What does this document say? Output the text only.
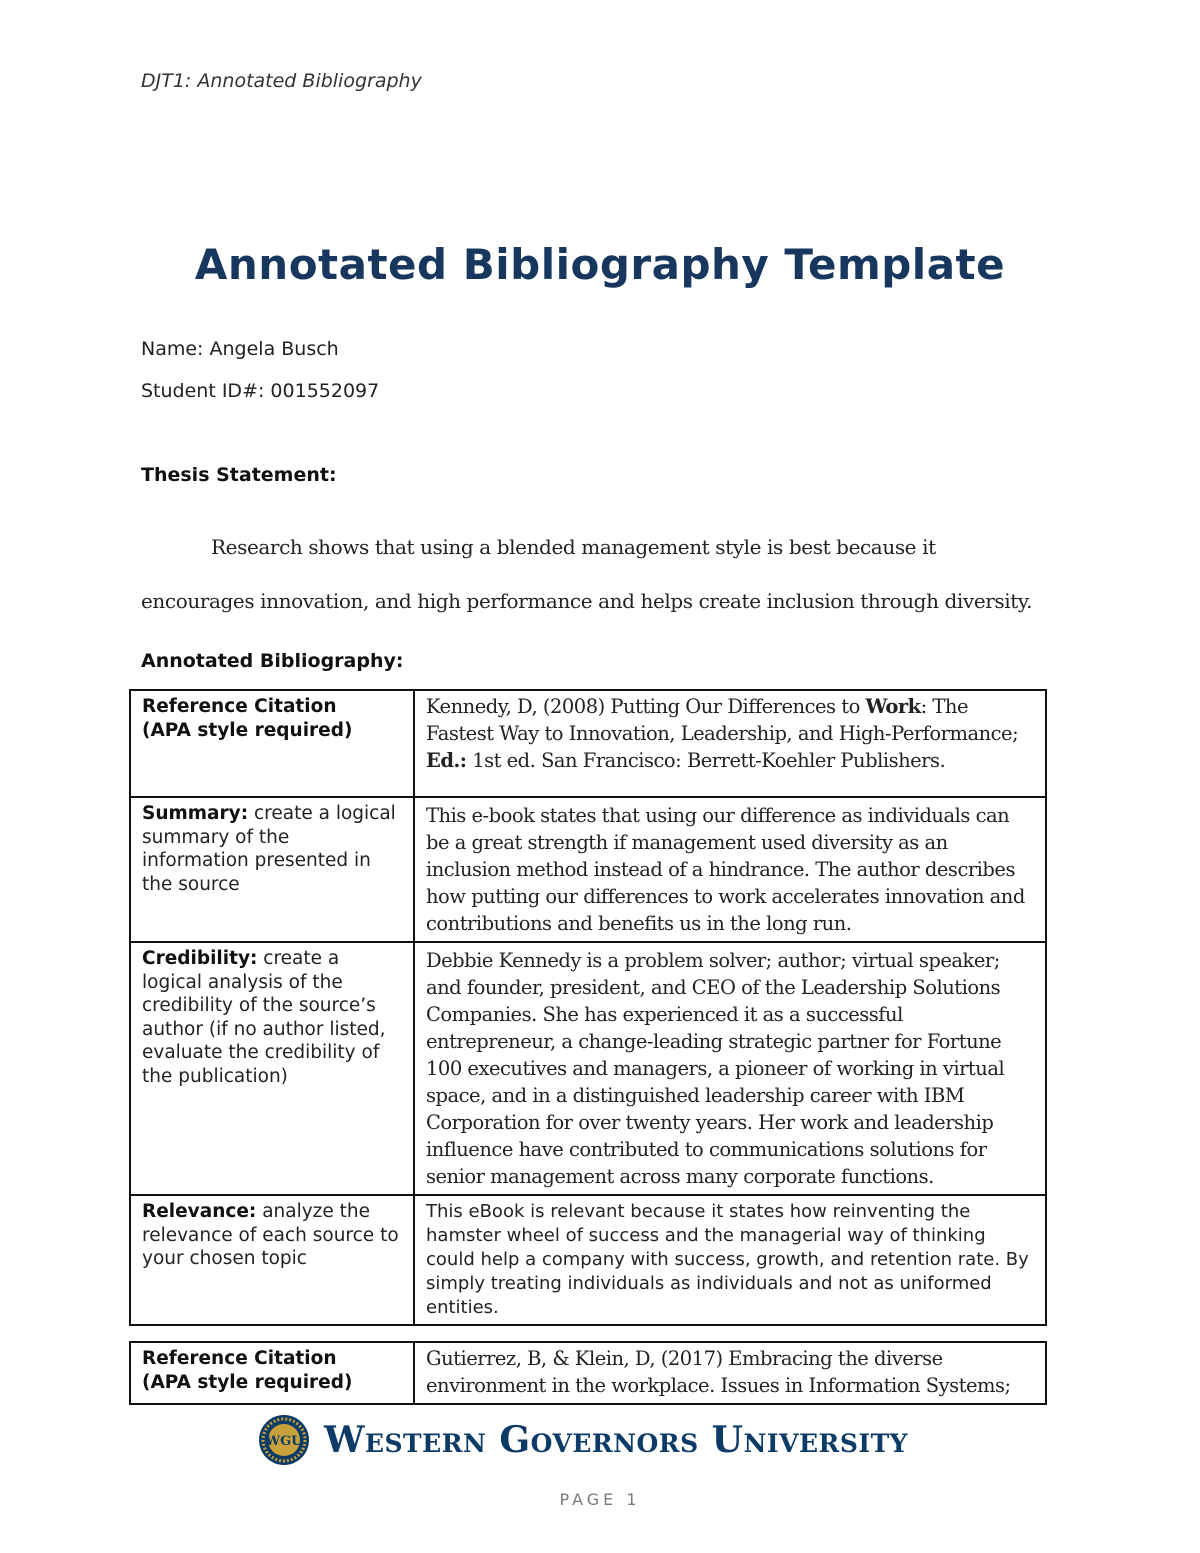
DJT1: Annotated Bibliography
Annotated Bibliography Template
Name: Angela Busch
Student ID#: 001552097
Thesis Statement:
Research shows that using a blended management style is best because it encourages innovation, and high performance and helps create inclusion through diversity.
Annotated Bibliography:
Reference Citation
(APA style required)	Kennedy, D, (2008) Putting Our Differences to Work: The Fastest Way to Innovation, Leadership, and High-Performance; Ed.: 1st ed. San Francisco: Berrett-Koehler Publishers.
Summary: create a logical summary of the information presented in the source	This e-book states that using our difference as individuals can be a great strength if management used diversity as an inclusion method instead of a hindrance. The author describes how putting our differences to work accelerates innovation and contributions and benefits us in the long run.
Credibility: create a logical analysis of the credibility of the source’s author (if no author listed, evaluate the credibility of the publication)	Debbie Kennedy is a problem solver; author; virtual speaker; and founder, president, and CEO of the Leadership Solutions Companies. She has experienced it as a successful entrepreneur, a change-leading strategic partner for Fortune 100 executives and managers, a pioneer of working in virtual space, and in a distinguished leadership career with IBM Corporation for over twenty years. Her work and leadership influence have contributed to communications solutions for senior management across many corporate functions.
Relevance: analyze the relevance of each source to your chosen topic	This eBook is relevant because it states how reinventing the hamster wheel of success and the managerial way of thinking could help a company with success, growth, and retention rate. By simply treating individuals as individuals and not as uniformed entities.
Reference Citation
(APA style required)	Gutierrez, B, & Klein, D, (2017) Embracing the diverse environment in the workplace. Issues in Information Systems;
WGU Western Governors University
PAGE 1
